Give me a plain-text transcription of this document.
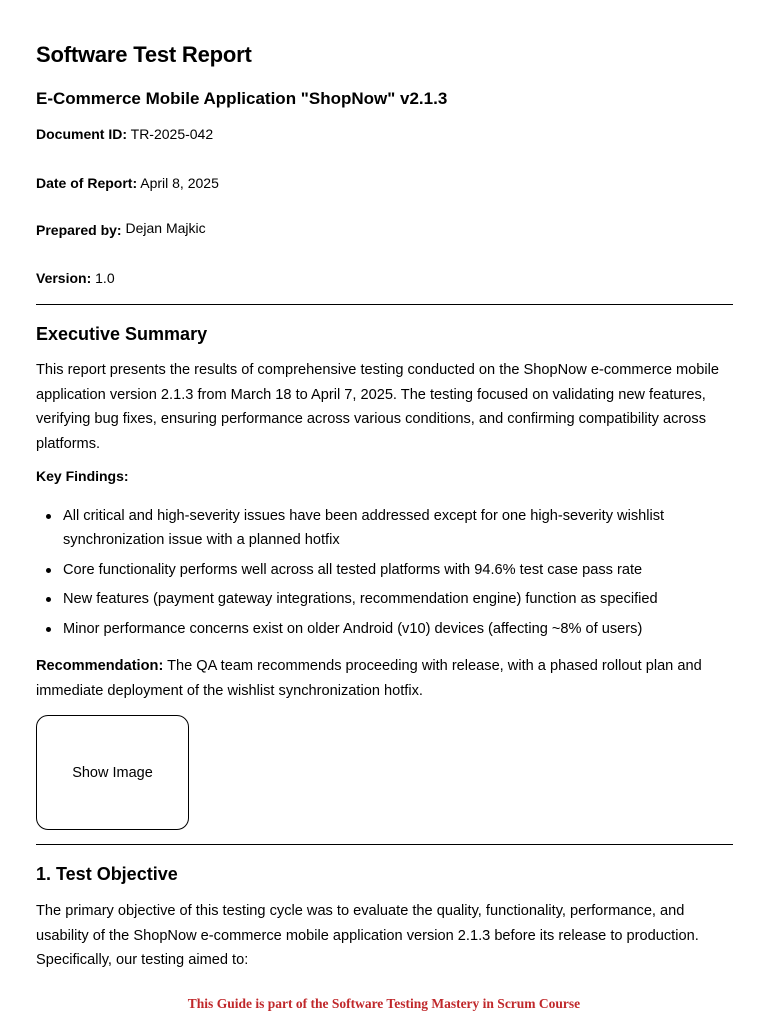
Software Test Report
E-Commerce Mobile Application "ShopNow" v2.1.3
Document ID: TR-2025-042
Date of Report: April 8, 2025
Prepared by: Dejan Majkic
Version: 1.0
Executive Summary

This report presents the results of comprehensive testing conducted on the ShopNow e-commerce mobile application version 2.1.3 from March 18 to April 7, 2025. The testing focused on validating new features, verifying bug fixes, ensuring performance across various conditions, and confirming compatibility across platforms.

Key Findings:
All critical and high-severity issues have been addressed except for one high-severity wishlist synchronization issue with a planned hotfix
Core functionality performs well across all tested platforms with 94.6% test case pass rate
New features (payment gateway integrations, recommendation engine) function as specified
Minor performance concerns exist on older Android (v10) devices (affecting ~8% of users)

Recommendation: The QA team recommends proceeding with release, with a phased rollout plan and immediate deployment of the wishlist synchronization hotfix.

Show Image
1. Test Objective

The primary objective of this testing cycle was to evaluate the quality, functionality, performance, and usability of the ShopNow e-commerce mobile application version 2.1.3 before its release to production. Specifically, our testing aimed to:

This Guide is part of the Software Testing Mastery in Scrum Course
